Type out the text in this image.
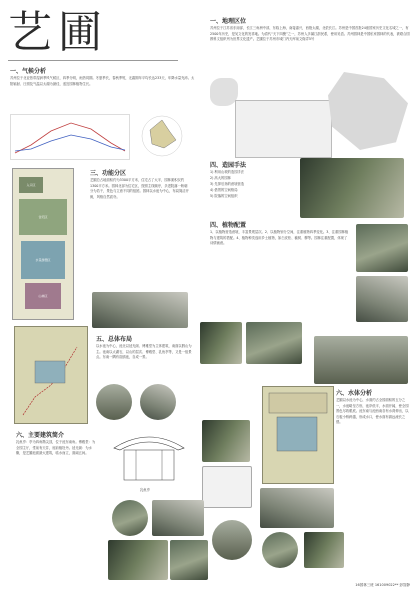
艺圃	一、地理区位
苏州位于江苏省东南部，长江三角洲中部，东临上海，南接嘉兴，西抱太湖，北依长江。苏州是中国首批24座国家历史文化名城之一，有2500年历史，是吴文化的发祥地。为清代“天下四聚”之一，苏州人多属江浙民系，使用吴语。苏州园林是中国私家园林的代表，被联合国教科文组织列为世界文化遗产。艺圃位于苏州市城门内天库前文衙弄5号
一、气候分析
苏州位于北亚热带湿润季风气候区，四季分明，雨热同期。冬夏季长，春秋季短，无霜期年平均长达233天，年降水量充沛。太阳辐射、日照及气温以太湖为最佳，适宜园林植物生长。
入口区
住宅区
水景游憩区
山林区
三、功能分区
艺圃总占地面积约为3300平方米，住宅占了大半，园林面积仅约1300平方米。园林北部为住宅区，按照主线顺序，多进院落一般朝分为若干，景色与立意不同的组团。园林以水池为中心，布局简洁开朗，风格自然质朴。
四、造园手法
1) 利用山坡的造园手法
2) 高大的园林
3) 先抑后扬的意境营造
4) 借景的空间格局
5) 院落的空间组织
四、植物配置
1、以植物营造意境，丰富景观层次。2、以植物划分空间，注重植物四季变化。3、注重园林植物与建筑的搭配。4、植物种类选用乡土植物，如白皮松、榆树、柳等。园林注重配置，体现了诗情画意。
五、总体布局
以水池为中心，池北以延光阁、博雅堂为主体建筑，南面以假山为主。池南以太湖石，以山的层次、博雅堂、乳鱼亭等，又是一组景点。东南一隅有浴鸥池，自成一景。
六、主要建筑简介
乳鱼亭：亭为四角攒尖顶，位于池东南角。博雅堂：为全园主厅，堂前有天井，庭前植牡丹。延光阁：为水榭，是艺圃池面最大建筑，临水而立，面阔五间。
乳鱼亭
六、水体分析
艺圃以水池为中心，水面约占全园面积的五分之一，水池略呈方形，池岸低平，水面开阔，使全园景色尽收眼底。池东南与池西南各有水湾伸出，以石板小桥跨越，形成水口，使水面有源远流长之感。
16园林三班 161009022** 彭智静
